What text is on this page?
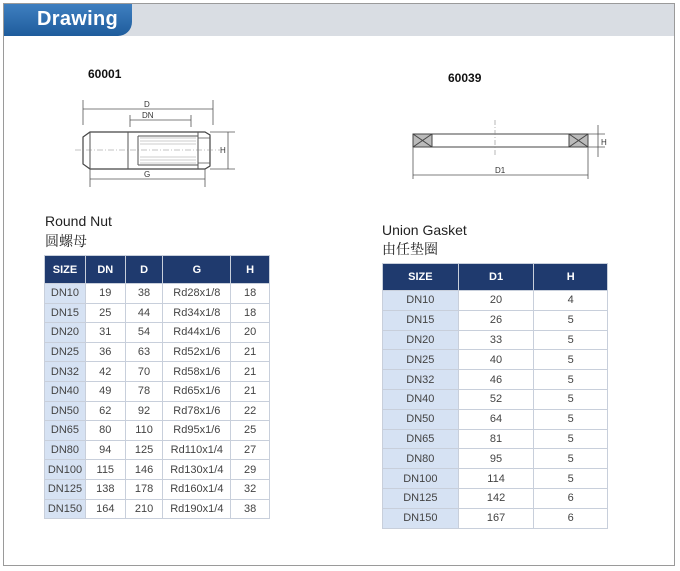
Drawing
60001
D
DN
H
G
Round Nut
圆螺母
SIZE	DN	D	G	H
DN10	19	38	Rd28x1/8	18
DN15	25	44	Rd34x1/8	18
DN20	31	54	Rd44x1/6	20
DN25	36	63	Rd52x1/6	21
DN32	42	70	Rd58x1/6	21
DN40	49	78	Rd65x1/6	21
DN50	62	92	Rd78x1/6	22
DN65	80	110	Rd95x1/6	25
DN80	94	125	Rd110x1/4	27
DN100	115	146	Rd130x1/4	29
DN125	138	178	Rd160x1/4	32
DN150	164	210	Rd190x1/4	38
60039
H
D1
Union Gasket
由任垫圈
SIZE	D1	H
DN10	20	4
DN15	26	5
DN20	33	5
DN25	40	5
DN32	46	5
DN40	52	5
DN50	64	5
DN65	81	5
DN80	95	5
DN100	114	5
DN125	142	6
DN150	167	6
